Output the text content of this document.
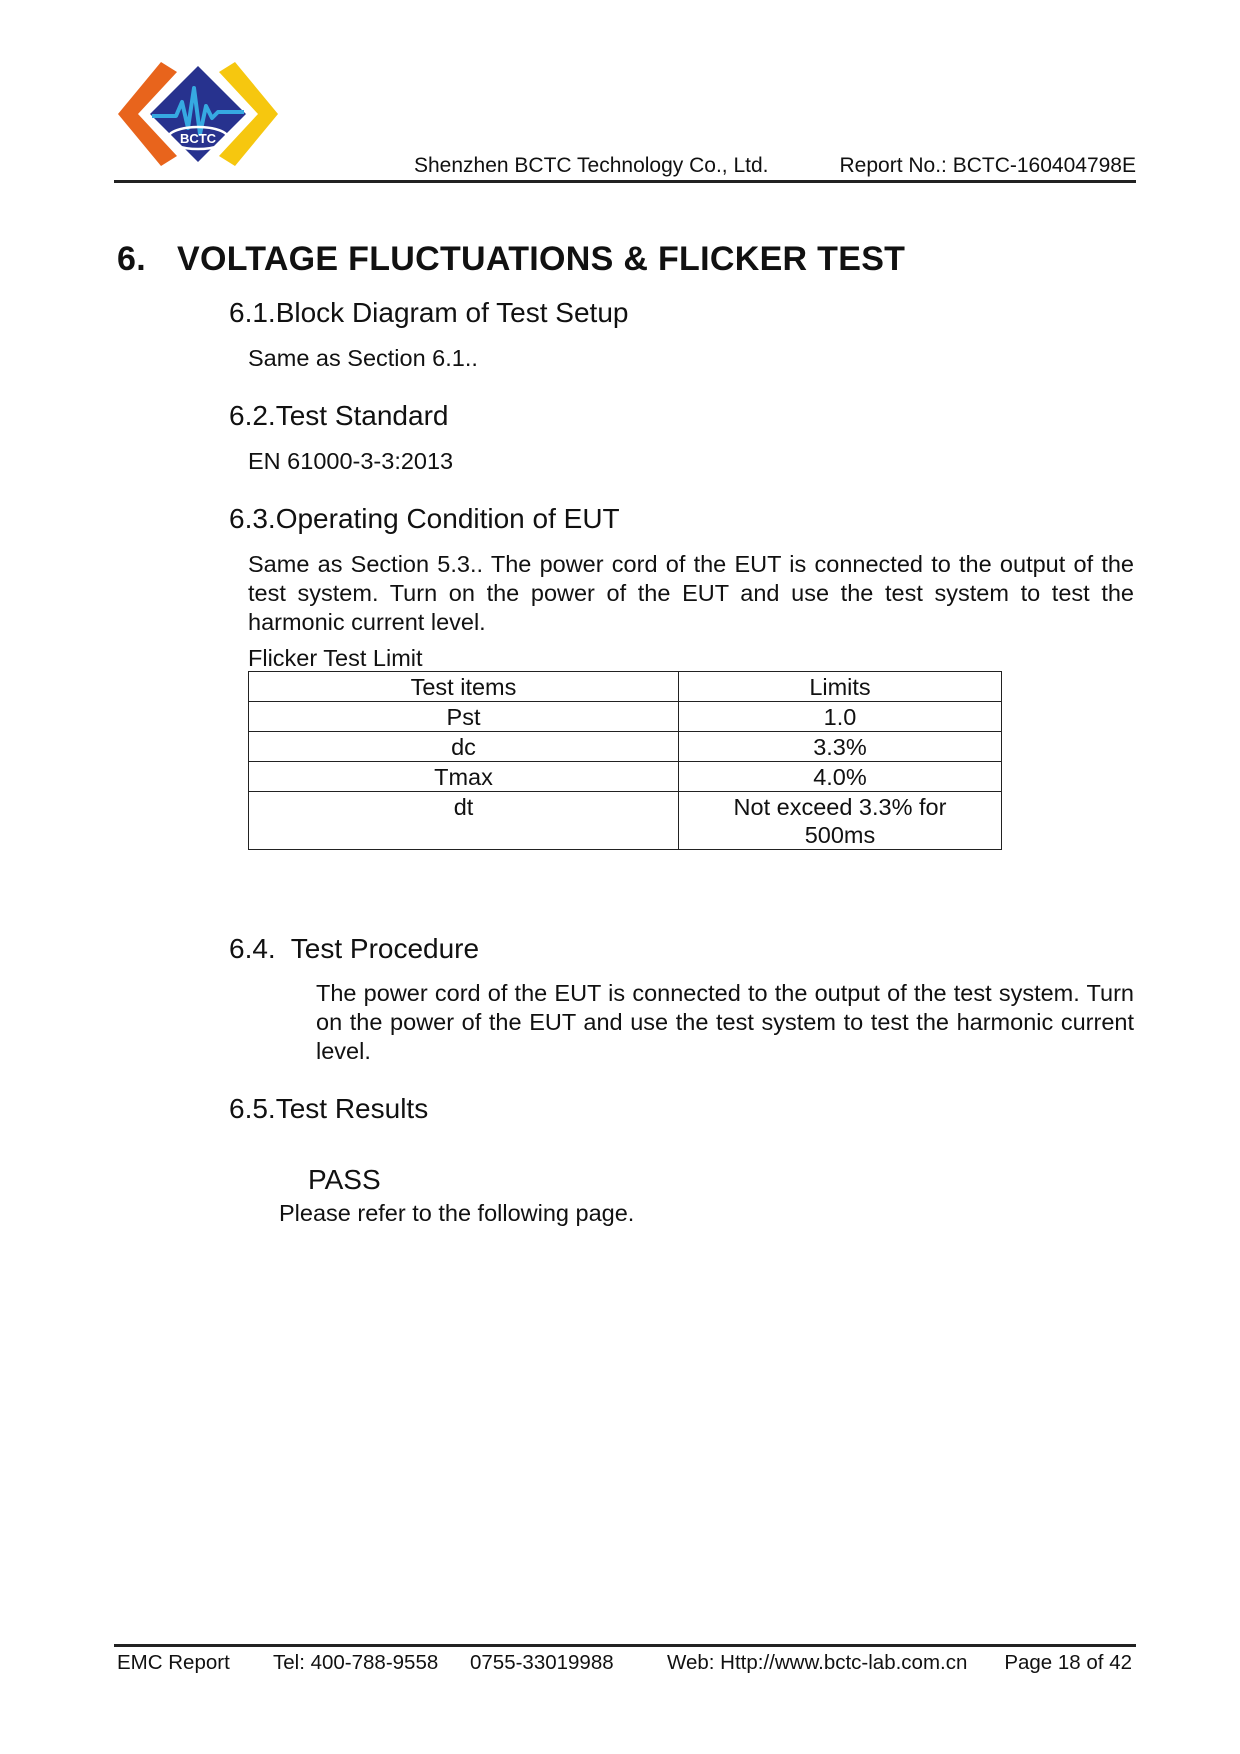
BCTC
Shenzhen BCTC Technology Co., Ltd.	Report No.: BCTC-160404798E
6. VOLTAGE FLUCTUATIONS & FLICKER TEST
6.1.Block Diagram of Test Setup
Same as Section 6.1..
6.2.Test Standard
EN 61000-3-3:2013
6.3.Operating Condition of EUT
Same as Section 5.3.. The power cord of the EUT is connected to the output of the test system. Turn on the power of the EUT and use the test system to test the harmonic current level.
Flicker Test Limit
Test items	Limits
Pst	1.0
dc	3.3%
Tmax	4.0%
dt	Not exceed 3.3% for 500ms
6.4.  Test Procedure
The power cord of the EUT is connected to the output of the test system. Turn on the power of the EUT and use the test system to test the harmonic current level.
6.5.Test Results
PASS
Please refer to the following page.
EMC Report Tel: 400-788-9558 0755-33019988	Web: Http://www.bctc-lab.com.cn Page 18 of 42
